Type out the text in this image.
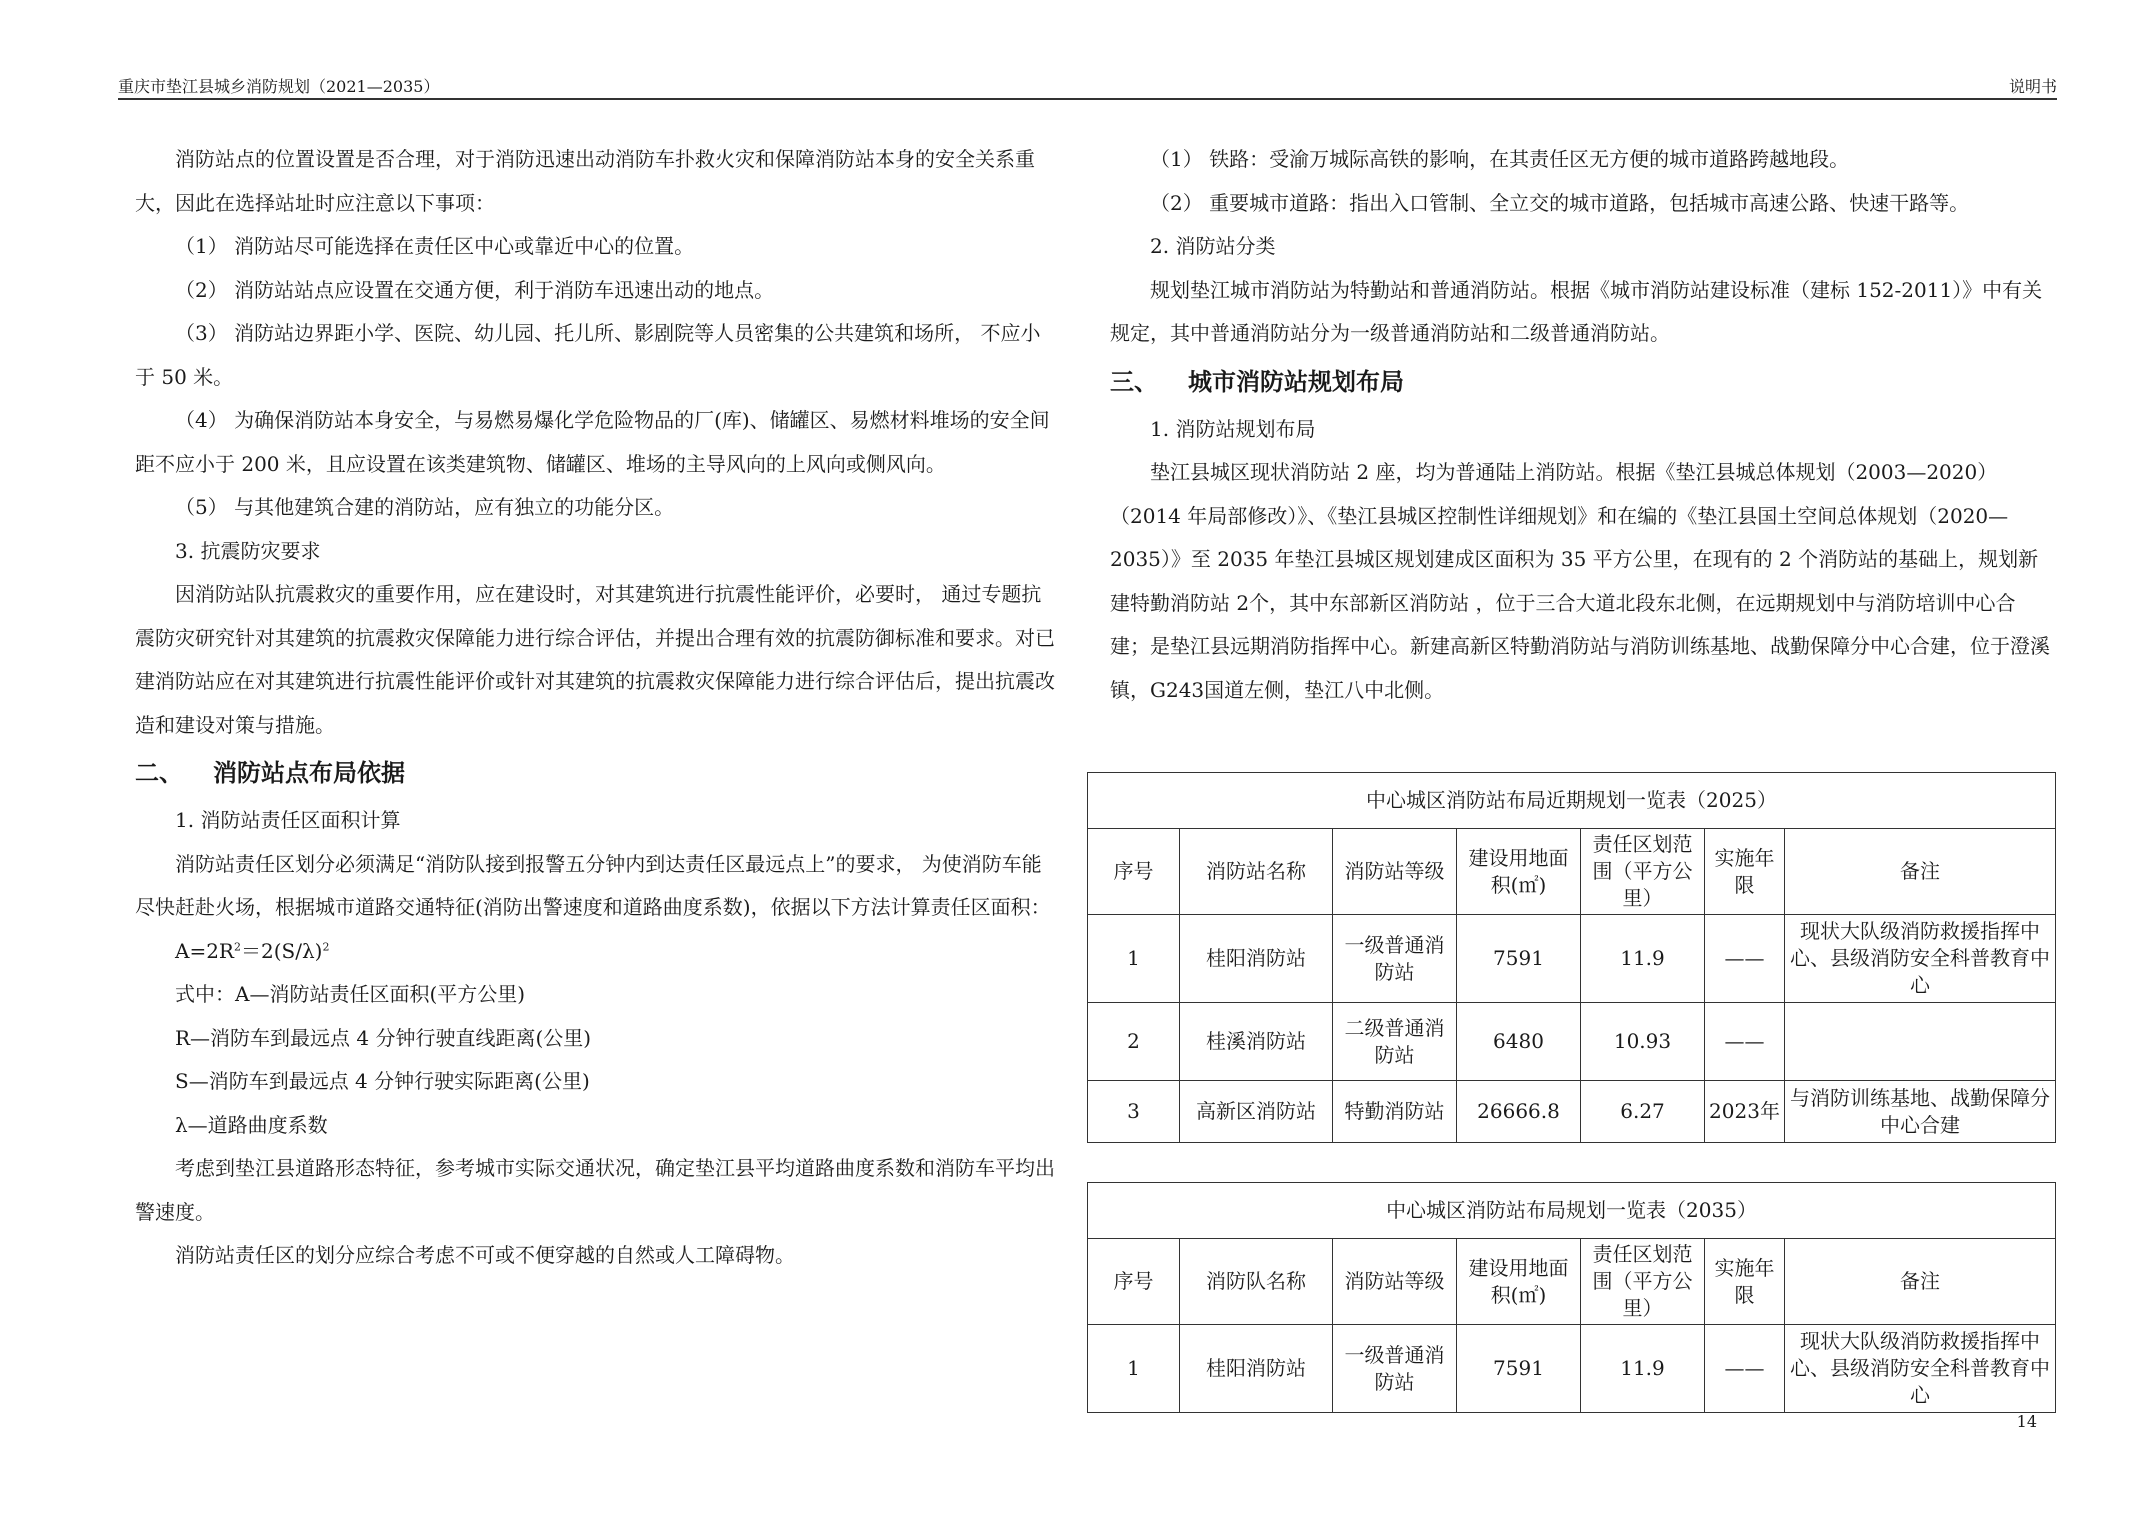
重庆市垫江县城乡消防规划（2021—2035）	说明书

消防站点的位置设置是否合理，对于消防迅速出动消防车扑救火灾和保障消防站本身的安全关系重大，因此在选择站址时应注意以下事项：

（1） 消防站尽可能选择在责任区中心或靠近中心的位置。

（2） 消防站站点应设置在交通方便，利于消防车迅速出动的地点。

（3） 消防站边界距小学、医院、幼儿园、托儿所、影剧院等人员密集的公共建筑和场所， 不应小于 50 米。

（4） 为确保消防站本身安全，与易燃易爆化学危险物品的厂(库)、储罐区、易燃材料堆场的安全间距不应小于 200 米，且应设置在该类建筑物、储罐区、堆场的主导风向的上风向或侧风向。

（5） 与其他建筑合建的消防站，应有独立的功能分区。

3. 抗震防灾要求

因消防站队抗震救灾的重要作用，应在建设时，对其建筑进行抗震性能评价，必要时， 通过专题抗震防灾研究针对其建筑的抗震救灾保障能力进行综合评估，并提出合理有效的抗震防御标准和要求。对已建消防站应在对其建筑进行抗震性能评价或针对其建筑的抗震救灾保障能力进行综合评估后，提出抗震改造和建设对策与措施。

二、 消防站点布局依据

1. 消防站责任区面积计算

消防站责任区划分必须满足“消防队接到报警五分钟内到达责任区最远点上”的要求， 为使消防车能尽快赶赴火场，根据城市道路交通特征(消防出警速度和道路曲度系数)，依据以下方法计算责任区面积：

$A=2R^2=2(S/\lambda)^2$

式中：A—消防站责任区面积(平方公里)

R—消防车到最远点 4 分钟行驶直线距离(公里)

S—消防车到最远点 4 分钟行驶实际距离(公里)

λ—道路曲度系数

考虑到垫江县道路形态特征，参考城市实际交通状况，确定垫江县平均道路曲度系数和消防车平均出警速度。

消防站责任区的划分应综合考虑不可或不便穿越的自然或人工障碍物。

（1） 铁路：受渝万城际高铁的影响，在其责任区无方便的城市道路跨越地段。

（2） 重要城市道路：指出入口管制、全立交的城市道路，包括城市高速公路、快速干路等。

2. 消防站分类

规划垫江城市消防站为特勤站和普通消防站。根据《城市消防站建设标准（建标 152-2011）》中有关规定，其中普通消防站分为一级普通消防站和二级普通消防站。

三、 城市消防站规划布局

1. 消防站规划布局

垫江县城区现状消防站 2 座，均为普通陆上消防站。根据《垫江县城总体规划（2003—2020）（2014 年局部修改）》、《垫江县城区控制性详细规划》和在编的《垫江县国土空间总体规划（2020—2035）》至 2035 年垫江县城区规划建成区面积为 35 平方公里，在现有的 2 个消防站的基础上，规划新建特勤消防站 2个，其中东部新区消防站 ，位于三合大道北段东北侧，在远期规划中与消防培训中心合建；是垫江县远期消防指挥中心。新建高新区特勤消防站与消防训练基地、战勤保障分中心合建，位于澄溪镇，G243国道左侧，垫江八中北侧。

中心城区消防站布局近期规划一览表（2025）						
序号	消防站名称	消防站等级	建设用地面积(㎡)	责任区划范围（平方公里）	实施年限	备注
1	桂阳消防站	一级普通消防站	7591	11.9	——	现状大队级消防救援指挥中心、县级消防安全科普教育中心
2	桂溪消防站	二级普通消防站	6480	10.93	——	
3	高新区消防站	特勤消防站	26666.8	6.27	2023年	与消防训练基地、战勤保障分中心合建
中心城区消防站布局规划一览表（2035）						
序号	消防队名称	消防站等级	建设用地面积(㎡)	责任区划范围（平方公里）	实施年限	备注
1	桂阳消防站	一级普通消防站	7591	11.9	——	现状大队级消防救援指挥中心、县级消防安全科普教育中心
14
